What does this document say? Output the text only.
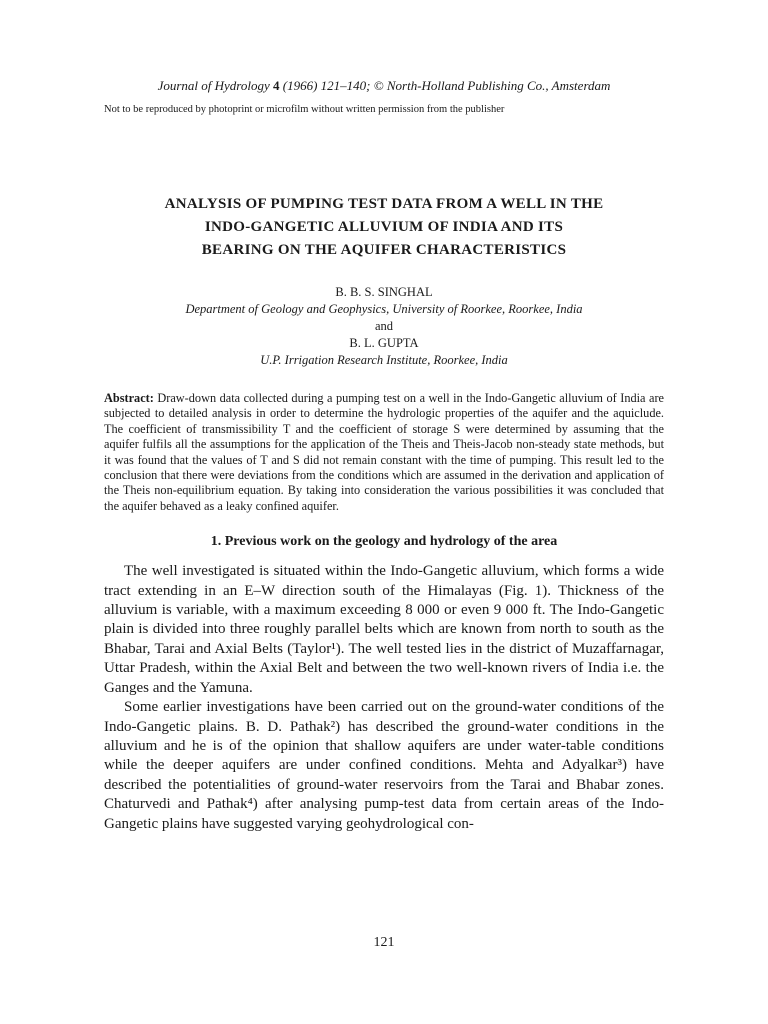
Journal of Hydrology 4 (1966) 121–140; © North-Holland Publishing Co., Amsterdam

Not to be reproduced by photoprint or microfilm without written permission from the publisher

ANALYSIS OF PUMPING TEST DATA FROM A WELL IN THE
INDO-GANGETIC ALLUVIUM OF INDIA AND ITS
BEARING ON THE AQUIFER CHARACTERISTICS
B. B. S. SINGHAL
Department of Geology and Geophysics, University of Roorkee, Roorkee, India
and
B. L. GUPTA
U.P. Irrigation Research Institute, Roorkee, India
Abstract: Draw-down data collected during a pumping test on a well in the Indo-Gangetic alluvium of India are subjected to detailed analysis in order to determine the hydrologic properties of the aquifer and the aquiclude. The coefficient of transmissibility T and the coefficient of storage S were determined by assuming that the aquifer fulfils all the assumptions for the application of the Theis and Theis-Jacob non-steady state methods, but it was found that the values of T and S did not remain constant with the time of pumping. This result led to the conclusion that there were deviations from the conditions which are assumed in the derivation and application of the Theis non-equilibrium equation. By taking into consideration the various possibilities it was concluded that the aquifer behaved as a leaky confined aquifer.
1. Previous work on the geology and hydrology of the area

The well investigated is situated within the Indo-Gangetic alluvium, which forms a wide tract extending in an E–W direction south of the Himalayas (Fig. 1). Thickness of the alluvium is variable, with a maximum exceeding 8 000 or even 9 000 ft. The Indo-Gangetic plain is divided into three roughly parallel belts which are known from north to south as the Bhabar, Tarai and Axial Belts (Taylor¹). The well tested lies in the district of Muzaffarnagar, Uttar Pradesh, within the Axial Belt and between the two well-known rivers of India i.e. the Ganges and the Yamuna.

Some earlier investigations have been carried out on the ground-water conditions of the Indo-Gangetic plains. B. D. Pathak²) has described the ground-water conditions in the alluvium and he is of the opinion that shallow aquifers are under water-table conditions while the deeper aquifers are under confined conditions. Mehta and Adyalkar³) have described the potentialities of ground-water reservoirs from the Tarai and Bhabar zones. Chaturvedi and Pathak⁴) after analysing pump-test data from certain areas of the Indo-Gangetic plains have suggested varying geohydrological con-

121
